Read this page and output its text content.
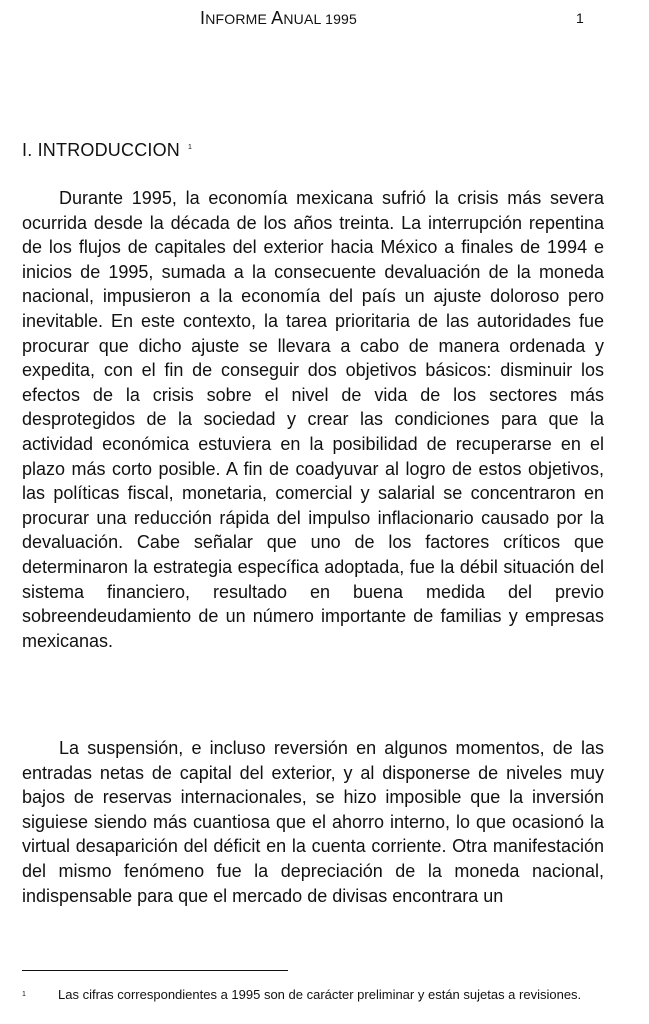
INFORME ANUAL 1995	1
I. INTRODUCCION $^1$

Durante 1995, la economía mexicana sufrió la crisis más severa ocurrida desde la década de los años treinta. La interrupción repentina de los flujos de capitales del exterior hacia México a finales de 1994 e inicios de 1995, sumada a la consecuente devaluación de la moneda nacional, impusieron a la economía del país un ajuste doloroso pero inevitable. En este contexto, la tarea prioritaria de las autoridades fue procurar que dicho ajuste se llevara a cabo de manera ordenada y expedita, con el fin de conseguir dos objetivos básicos: disminuir los efectos de la crisis sobre el nivel de vida de los sectores más desprotegidos de la sociedad y crear las condiciones para que la actividad económica estuviera en la posibilidad de recuperarse en el plazo más corto posible. A fin de coadyuvar al logro de estos objetivos, las políticas fiscal, monetaria, comercial y salarial se concentraron en procurar una reducción rápida del impulso inflacionario causado por la devaluación. Cabe señalar que uno de los factores críticos que determinaron la estrategia específica adoptada, fue la débil situación del sistema financiero, resultado en buena medida del previo sobreendeudamiento de un número importante de familias y empresas mexicanas.

La suspensión, e incluso reversión en algunos momentos, de las entradas netas de capital del exterior, y al disponerse de niveles muy bajos de reservas internacionales, se hizo imposible que la inversión siguiese siendo más cuantiosa que el ahorro interno, lo que ocasionó la virtual desaparición del déficit en la cuenta corriente. Otra manifestación del mismo fenómeno fue la depreciación de la moneda nacional, indispensable para que el mercado de divisas encontrara un

1 Las cifras correspondientes a 1995 son de carácter preliminar y están sujetas a revisiones.
